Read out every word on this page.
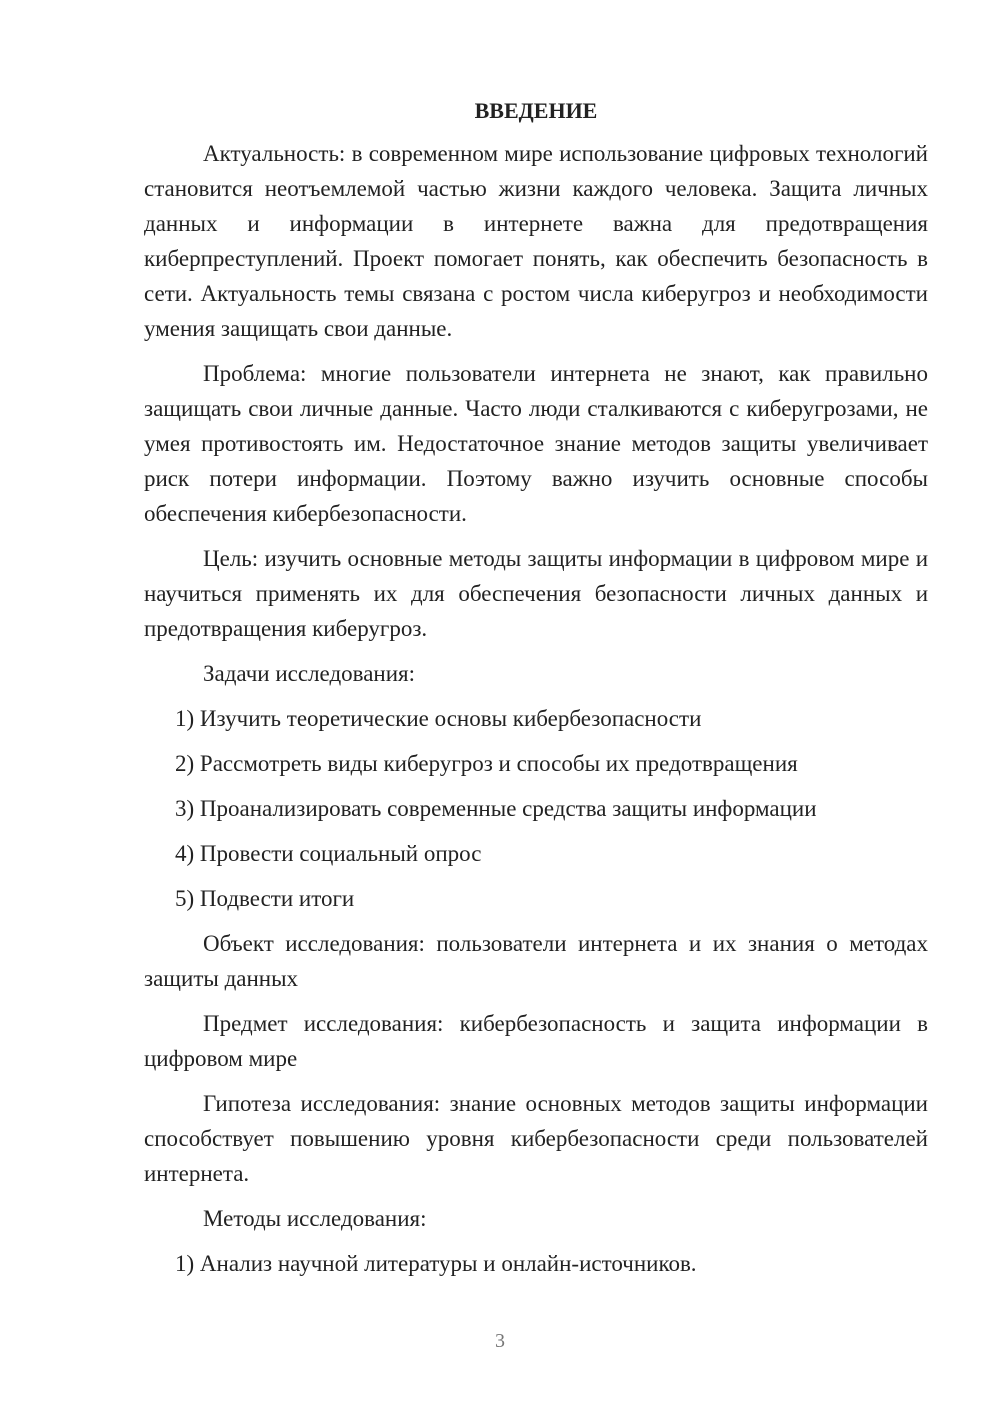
ВВЕДЕНИЕ

Актуальность: в современном мире использование цифровых технологий становится неотъемлемой частью жизни каждого человека. Защита личных данных и информации в интернете важна для предотвращения киберпреступлений. Проект помогает понять, как обеспечить безопасность в сети. Актуальность темы связана с ростом числа киберугроз и необходимости умения защищать свои данные.

Проблема: многие пользователи интернета не знают, как правильно защищать свои личные данные. Часто люди сталкиваются с киберугрозами, не умея противостоять им. Недостаточное знание методов защиты увеличивает риск потери информации. Поэтому важно изучить основные способы обеспечения кибербезопасности.

Цель: изучить основные методы защиты информации в цифровом мире и научиться применять их для обеспечения безопасности личных данных и предотвращения киберугроз.

Задачи исследования:

1) Изучить теоретические основы кибербезопасности
2) Рассмотреть виды киберугроз и способы их предотвращения
3) Проанализировать современные средства защиты информации
4) Провести социальный опрос
5) Подвести итоги

Объект исследования: пользователи интернета и их знания о методах защиты данных

Предмет исследования: кибербезопасность и защита информации в цифровом мире

Гипотеза исследования: знание основных методов защиты информации способствует повышению уровня кибербезопасности среди пользователей интернета.

Методы исследования:

1) Анализ научной литературы и онлайн-источников.
3
